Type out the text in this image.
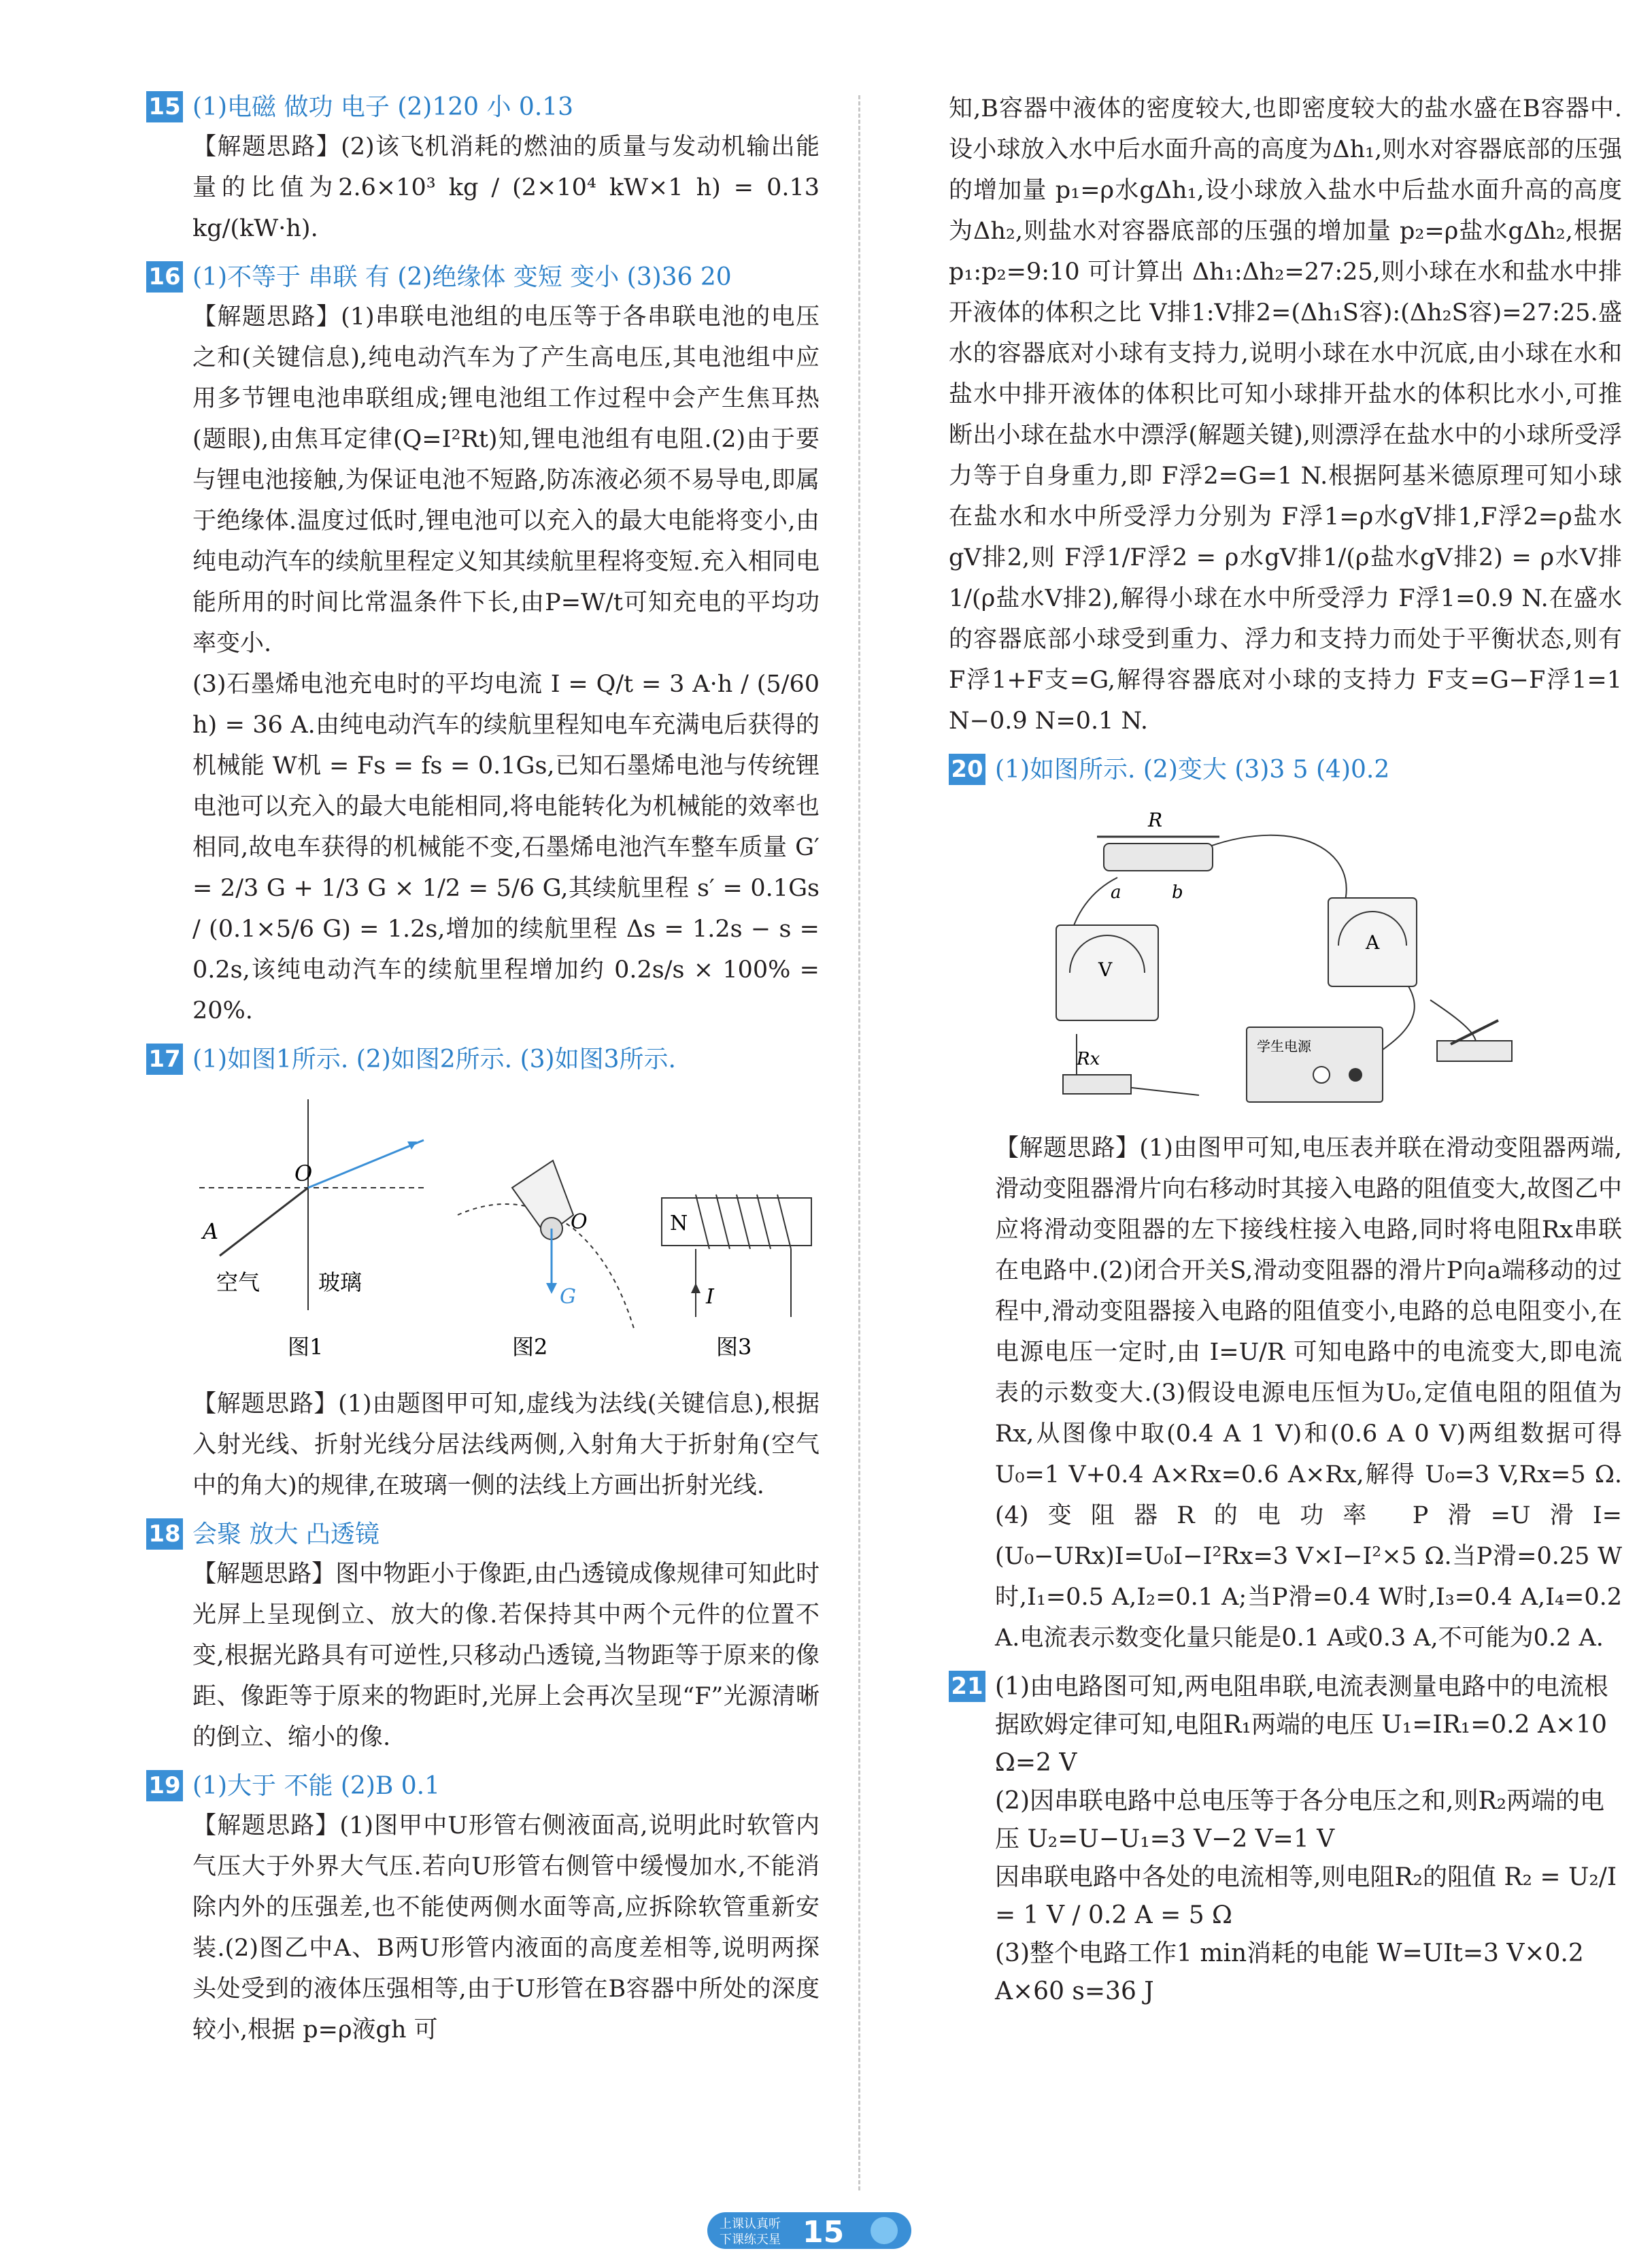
15 (1)电磁 做功 电子 (2)120 小 0.13
【解题思路】(2)该飞机消耗的燃油的质量与发动机输出能量的比值为2.6×10³ kg / (2×10⁴ kW×1 h) = 0.13 kg/(kW·h).
16 (1)不等于 串联 有 (2)绝缘体 变短 变小 (3)36 20

【解题思路】(1)串联电池组的电压等于各串联电池的电压之和(关键信息),纯电动汽车为了产生高电压,其电池组中应用多节锂电池串联组成;锂电池组工作过程中会产生焦耳热(题眼),由焦耳定律(Q=I²Rt)知,锂电池组有电阻.(2)由于要与锂电池接触,为保证电池不短路,防冻液必须不易导电,即属于绝缘体.温度过低时,锂电池可以充入的最大电能将变小,由纯电动汽车的续航里程定义知其续航里程将变短.充入相同电能所用的时间比常温条件下长,由P=W/t可知充电的平均功率变小.

(3)石墨烯电池充电时的平均电流 I = Q/t = 3 A·h / (5/60 h) = 36 A.由纯电动汽车的续航里程知电车充满电后获得的机械能 W机 = Fs = fs = 0.1Gs,已知石墨烯电池与传统锂电池可以充入的最大电能相同,将电能转化为机械能的效率也相同,故电车获得的机械能不变,石墨烯电池汽车整车质量 G′ = 2/3 G + 1/3 G × 1/2 = 5/6 G,其续航里程 s′ = 0.1Gs / (0.1×5/6 G) = 1.2s,增加的续航里程 Δs = 1.2s − s = 0.2s,该纯电动汽车的续航里程增加约 0.2s/s × 100% = 20%.

17 (1)如图1所示. (2)如图2所示. (3)如图3所示.
O
A
空气	玻璃
图1
O
G
图2
N
I
图3
【解题思路】(1)由题图甲可知,虚线为法线(关键信息),根据入射光线、折射光线分居法线两侧,入射角大于折射角(空气中的角大)的规律,在玻璃一侧的法线上方画出折射光线.
18 会聚 放大 凸透镜
【解题思路】图中物距小于像距,由凸透镜成像规律可知此时光屏上呈现倒立、放大的像.若保持其中两个元件的位置不变,根据光路具有可逆性,只移动凸透镜,当物距等于原来的像距、像距等于原来的物距时,光屏上会再次呈现“F”光源清晰的倒立、缩小的像.
19 (1)大于 不能 (2)B 0.1
【解题思路】(1)图甲中U形管右侧液面高,说明此时软管内气压大于外界大气压.若向U形管右侧管中缓慢加水,不能消除内外的压强差,也不能使两侧水面等高,应拆除软管重新安装.(2)图乙中A、B两U形管内液面的高度差相等,说明两探头处受到的液体压强相等,由于U形管在B容器中所处的深度较小,根据 p=ρ液gh 可
知,B容器中液体的密度较大,也即密度较大的盐水盛在B容器中.设小球放入水中后水面升高的高度为Δh₁,则水对容器底部的压强的增加量 p₁=ρ水gΔh₁,设小球放入盐水中后盐水面升高的高度为Δh₂,则盐水对容器底部的压强的增加量 p₂=ρ盐水gΔh₂,根据 p₁:p₂=9:10 可计算出 Δh₁:Δh₂=27:25,则小球在水和盐水中排开液体的体积之比 V排1:V排2=(Δh₁S容):(Δh₂S容)=27:25.盛水的容器底对小球有支持力,说明小球在水中沉底,由小球在水和盐水中排开液体的体积比可知小球排开盐水的体积比水小,可推断出小球在盐水中漂浮(解题关键),则漂浮在盐水中的小球所受浮力等于自身重力,即 F浮2=G=1 N.根据阿基米德原理可知小球在盐水和水中所受浮力分别为 F浮1=ρ水gV排1,F浮2=ρ盐水gV排2,则 F浮1/F浮2 = ρ水gV排1/(ρ盐水gV排2) = ρ水V排1/(ρ盐水V排2),解得小球在水中所受浮力 F浮1=0.9 N.在盛水的容器底部小球受到重力、浮力和支持力而处于平衡状态,则有 F浮1+F支=G,解得容器底对小球的支持力 F支=G−F浮1=1 N−0.9 N=0.1 N.
20 (1)如图所示. (2)变大 (3)3 5 (4)0.2
R
a	b
V
A
Rx
学生电源
【解题思路】(1)由图甲可知,电压表并联在滑动变阻器两端,滑动变阻器滑片向右移动时其接入电路的阻值变大,故图乙中应将滑动变阻器的左下接线柱接入电路,同时将电阻Rx串联在电路中.(2)闭合开关S,滑动变阻器的滑片P向a端移动的过程中,滑动变阻器接入电路的阻值变小,电路的总电阻变小,在电源电压一定时,由 I=U/R 可知电路中的电流变大,即电流表的示数变大.(3)假设电源电压恒为U₀,定值电阻的阻值为Rx,从图像中取(0.4 A 1 V)和(0.6 A 0 V)两组数据可得 U₀=1 V+0.4 A×Rx=0.6 A×Rx,解得 U₀=3 V,Rx=5 Ω.(4)变阻器R的电功率 P滑=U滑I=(U₀−URx)I=U₀I−I²Rx=3 V×I−I²×5 Ω.当P滑=0.25 W时,I₁=0.5 A,I₂=0.1 A;当P滑=0.4 W时,I₃=0.4 A,I₄=0.2 A.电流表示数变化量只能是0.1 A或0.3 A,不可能为0.2 A.
21 (1)由电路图可知,两电阻串联,电流表测量电路中的电流根据欧姆定律可知,电阻R₁两端的电压 U₁=IR₁=0.2 A×10 Ω=2 V
(2)因串联电路中总电压等于各分电压之和,则R₂两端的电压 U₂=U−U₁=3 V−2 V=1 V
因串联电路中各处的电流相等,则电阻R₂的阻值 R₂ = U₂/I = 1 V / 0.2 A = 5 Ω
(3)整个电路工作1 min消耗的电能 W=UIt=3 V×0.2 A×60 s=36 J
上课认真听
下课练天星 15
